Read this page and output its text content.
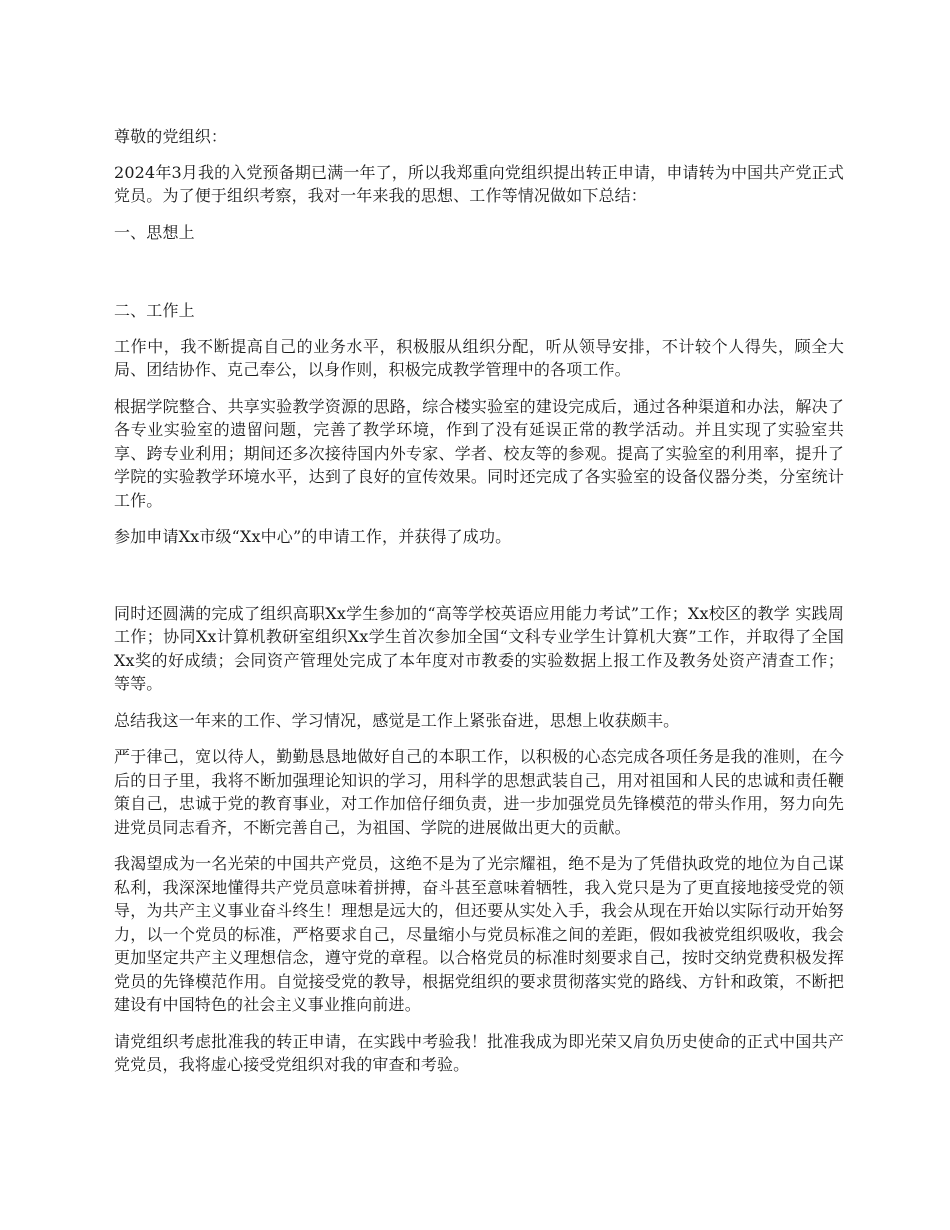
尊敬的党组织：

2024年3月我的入党预备期已满一年了，所以我郑重向党组织提出转正申请，申请转为中国共产党正式党员。为了便于组织考察，我对一年来我的思想、工作等情况做如下总结：

一、思想上

二、工作上

工作中，我不断提高自己的业务水平，积极服从组织分配，听从领导安排，不计较个人得失，顾全大局、团结协作、克己奉公，以身作则，积极完成教学管理中的各项工作。

根据学院整合、共享实验教学资源的思路，综合楼实验室的建设完成后，通过各种渠道和办法，解决了各专业实验室的遗留问题，完善了教学环境，作到了没有延误正常的教学活动。并且实现了实验室共享、跨专业利用；期间还多次接待国内外专家、学者、校友等的参观。提高了实验室的利用率，提升了学院的实验教学环境水平，达到了良好的宣传效果。同时还完成了各实验室的设备仪器分类，分室统计工作。

参加申请Xx市级“Xx中心”的申请工作，并获得了成功。

同时还圆满的完成了组织高职Xx学生参加的“高等学校英语应用能力考试”工作；Xx校区的教学 实践周工作；协同Xx计算机教研室组织Xx学生首次参加全国“文科专业学生计算机大赛”工作，并取得了全国Xx奖的好成绩；会同资产管理处完成了本年度对市教委的实验数据上报工作及教务处资产清查工作；等等。

总结我这一年来的工作、学习情况，感觉是工作上紧张奋进，思想上收获颇丰。

严于律己，宽以待人，勤勤恳恳地做好自己的本职工作，以积极的心态完成各项任务是我的准则，在今后的日子里，我将不断加强理论知识的学习，用科学的思想武装自己，用对祖国和人民的忠诚和责任鞭策自己，忠诚于党的教育事业，对工作加倍仔细负责，进一步加强党员先锋模范的带头作用，努力向先进党员同志看齐，不断完善自己，为祖国、学院的进展做出更大的贡献。

我渴望成为一名光荣的中国共产党员，这绝不是为了光宗耀祖，绝不是为了凭借执政党的地位为自己谋私利，我深深地懂得共产党员意味着拼搏，奋斗甚至意味着牺牲，我入党只是为了更直接地接受党的领导，为共产主义事业奋斗终生！理想是远大的，但还要从实处入手，我会从现在开始以实际行动开始努力，以一个党员的标准，严格要求自己，尽量缩小与党员标准之间的差距，假如我被党组织吸收，我会更加坚定共产主义理想信念，遵守党的章程。以合格党员的标准时刻要求自己，按时交纳党费积极发挥党员的先锋模范作用。自觉接受党的教导，根据党组织的要求贯彻落实党的路线、方针和政策，不断把建设有中国特色的社会主义事业推向前进。

请党组织考虑批准我的转正申请，在实践中考验我！批准我成为即光荣又肩负历史使命的正式中国共产党党员，我将虚心接受党组织对我的审查和考验。
